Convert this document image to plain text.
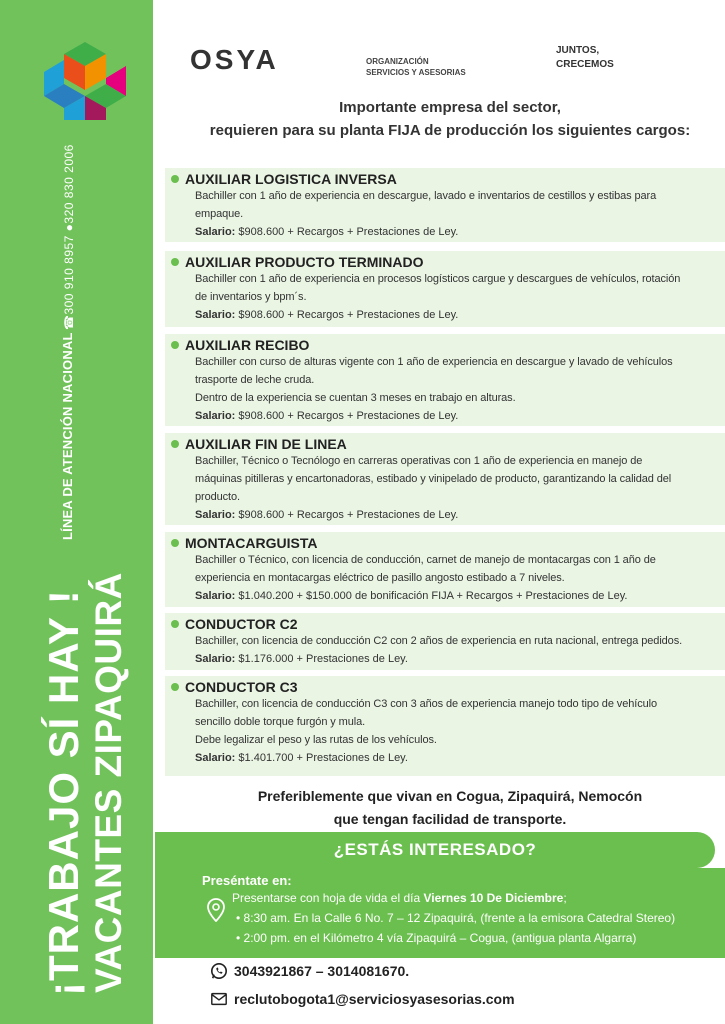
☎300 910 8957 ●320 830 2006
LÍNEA DE ATENCIÓN NACIONAL
¡TRABAJO SÍ HAY ! VACANTES ZIPAQUIRÁ
OSYA	ORGANIZACIÓN
SERVICIOS Y ASESORIAS
JUNTOS,
CRECEMOS
Importante empresa del sector,
requieren para su planta FIJA de producción los siguientes cargos:
AUXILIAR LOGISTICA INVERSA
Bachiller con 1 año de experiencia en descargue, lavado e inventarios de cestillos y estibas para
empaque.
Salario: $908.600 + Recargos + Prestaciones de Ley.
AUXILIAR PRODUCTO TERMINADO
Bachiller con 1 año de experiencia en procesos logísticos cargue y descargues de vehículos, rotación
de inventarios y bpm´s.
Salario: $908.600 + Recargos + Prestaciones de Ley.
AUXILIAR RECIBO
Bachiller con curso de alturas vigente con 1 año de experiencia en descargue y lavado de vehículos
trasporte de leche cruda.
Dentro de la experiencia se cuentan 3 meses en trabajo en alturas.
Salario: $908.600 + Recargos + Prestaciones de Ley.
AUXILIAR FIN DE LINEA
Bachiller, Técnico o Tecnólogo en carreras operativas con 1 año de experiencia en manejo de
máquinas pitilleras y encartonadoras, estibado y vinipelado de producto, garantizando la calidad del
producto.
Salario: $908.600 + Recargos + Prestaciones de Ley.
MONTACARGUISTA
Bachiller o Técnico, con licencia de conducción, carnet de manejo de montacargas con 1 año de
experiencia en montacargas eléctrico de pasillo angosto estibado a 7 niveles.
Salario: $1.040.200 + $150.000 de bonificación FIJA + Recargos + Prestaciones de Ley.
CONDUCTOR C2
Bachiller, con licencia de conducción C2 con 2 años de experiencia en ruta nacional, entrega pedidos.
Salario: $1.176.000 + Prestaciones de Ley.
CONDUCTOR C3
Bachiller, con licencia de conducción C3 con 3 años de experiencia manejo todo tipo de vehículo
sencillo doble torque furgón y mula.
Debe legalizar el peso y las rutas de los vehículos.
Salario: $1.401.700 + Prestaciones de Ley.
Preferiblemente que vivan en Cogua, Zipaquirá, Nemocón
que tengan facilidad de transporte.
¿ESTÁS INTERESADO?
Preséntate en:
Presentarse con hoja de vida el día Viernes 10 De Diciembre;
• 8:30 am. En la Calle 6 No. 7 – 12 Zipaquirá, (frente a la emisora Catedral Stereo)
• 2:00 pm. en el Kilómetro 4 vía Zipaquirá – Cogua, (antigua planta Algarra)
3043921867 – 3014081670.
reclutobogota1@serviciosyasesorias.com
